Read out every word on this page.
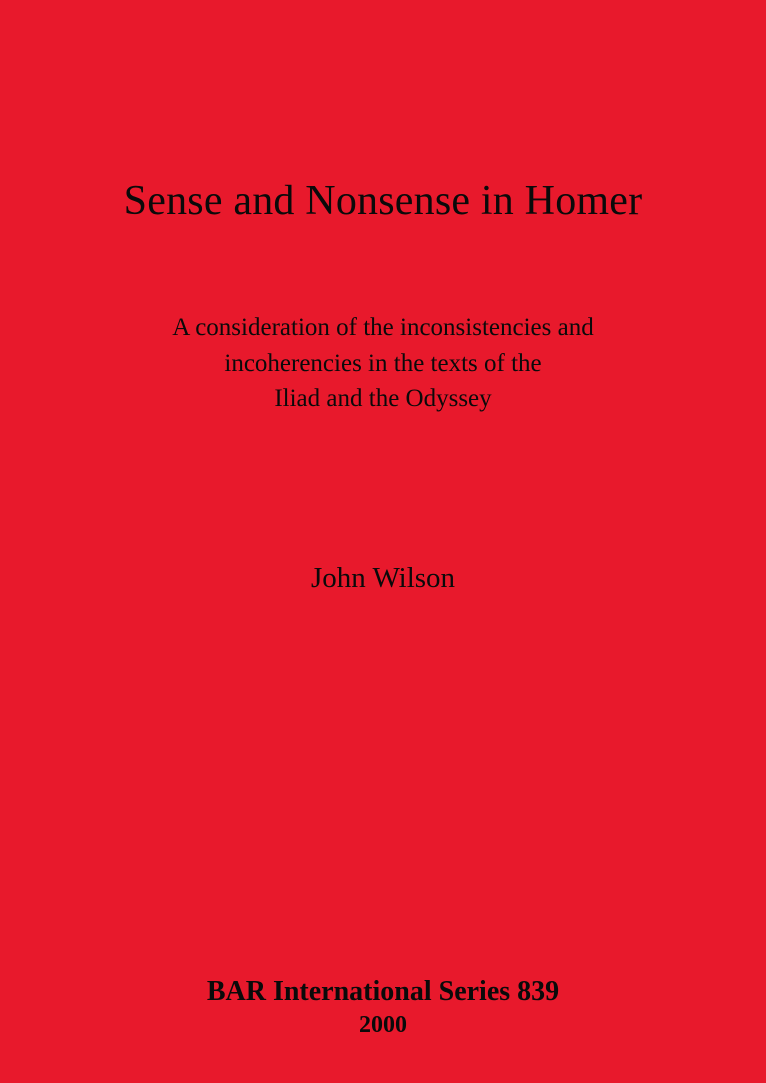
Sense and Nonsense in Homer

A consideration of the inconsistencies and

incoherencies in the texts of the

Iliad and the Odyssey

John Wilson

BAR International Series 839

2000
